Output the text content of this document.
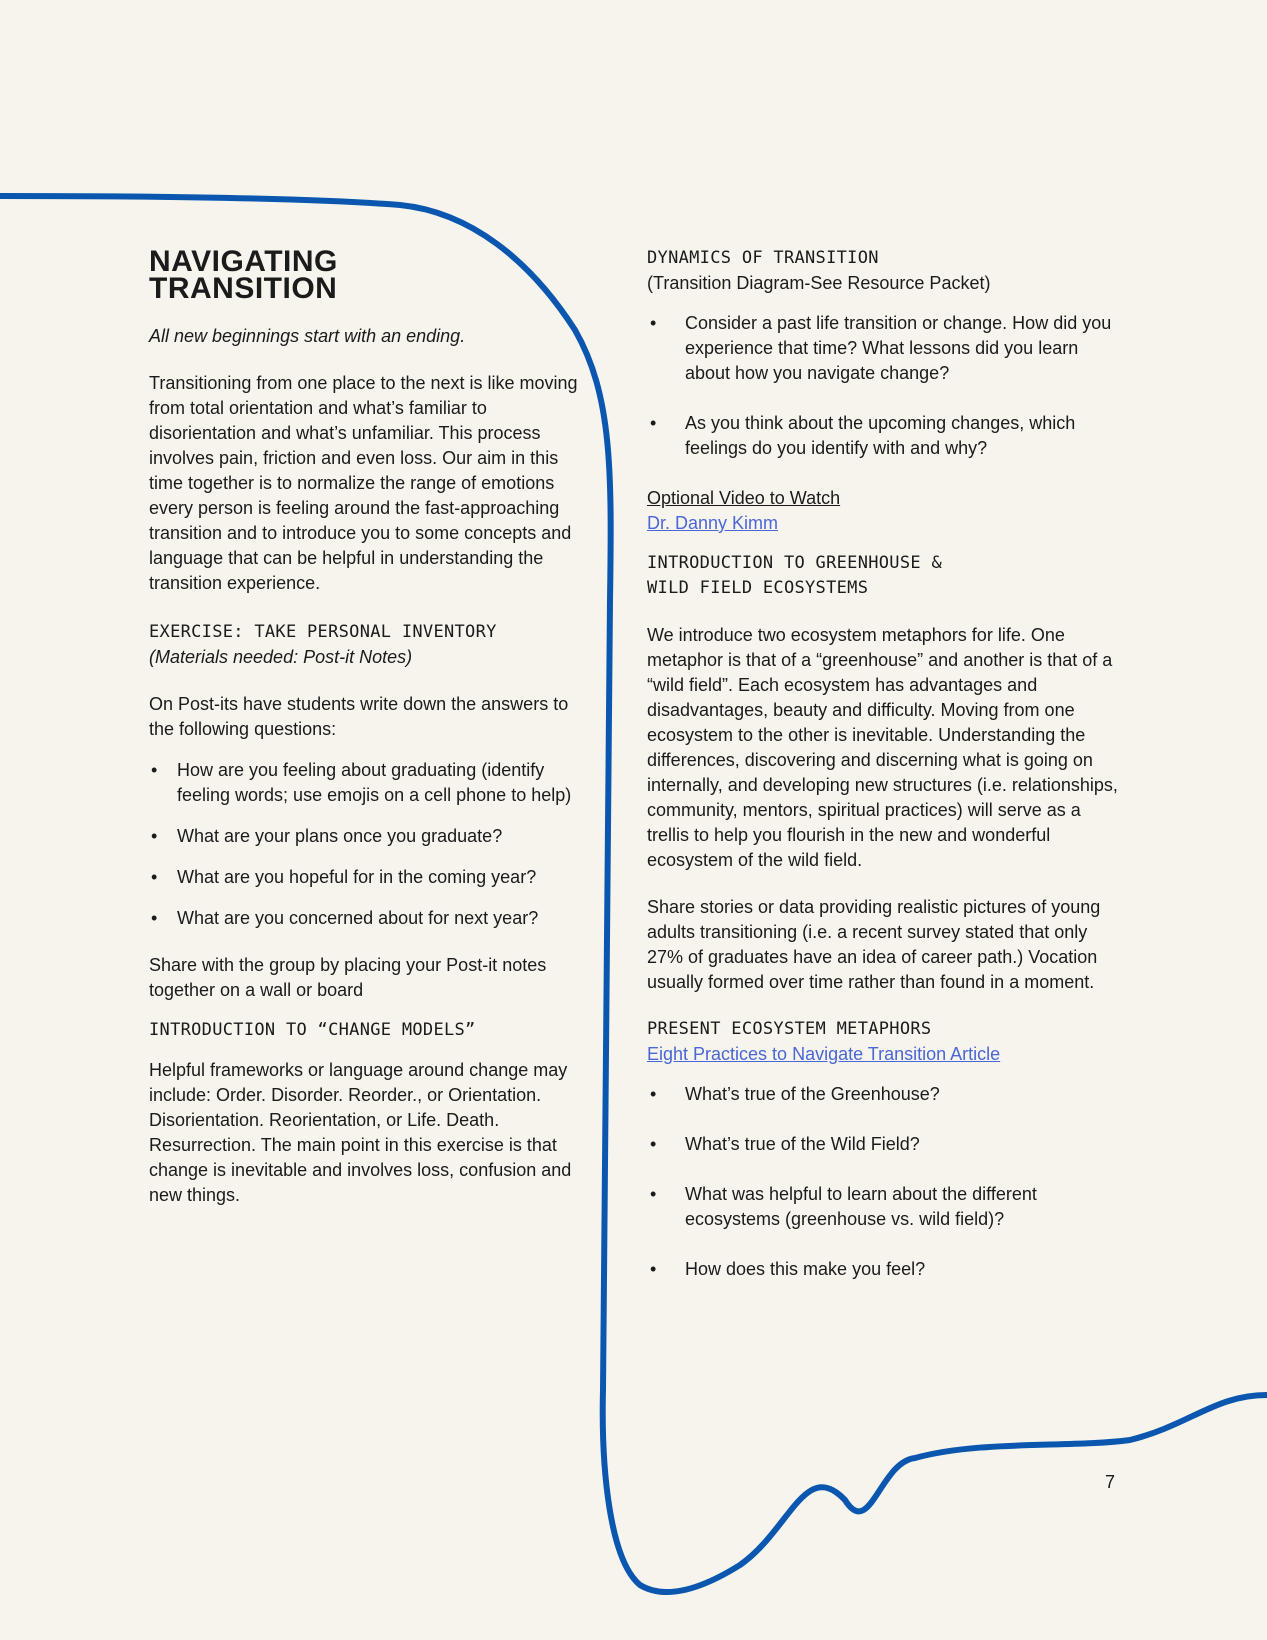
NAVIGATING
TRANSITION

All new beginnings start with an ending.

Transitioning from one place to the next is like moving from total orientation and what’s familiar to disorientation and what’s unfamiliar. This process involves pain, friction and even loss. Our aim in this time together is to normalize the range of emotions every person is feeling around the fast-approaching transition and to introduce you to some concepts and language that can be helpful in understanding the transition experience.

EXERCISE: TAKE PERSONAL INVENTORY

(Materials needed: Post-it Notes)

On Post-its have students write down the answers to the following questions:

• How are you feeling about graduating (identify feeling words; use emojis on a cell phone to help)
• What are your plans once you graduate?
• What are you hopeful for in the coming year?
• What are you concerned about for next year?

Share with the group by placing your Post-it notes together on a wall or board

INTRODUCTION TO “CHANGE MODELS”

Helpful frameworks or language around change may include: Order. Disorder. Reorder., or Orientation. Disorientation. Reorientation, or Life. Death. Resurrection. The main point in this exercise is that change is inevitable and involves loss, confusion and new things.

DYNAMICS OF TRANSITION

(Transition Diagram-See Resource Packet)

• Consider a past life transition or change. How did you experience that time? What lessons did you learn about how you navigate change?
• As you think about the upcoming changes, which feelings do you identify with and why?

Optional Video to Watch

Dr. Danny Kimm

INTRODUCTION TO GREENHOUSE &

WILD FIELD ECOSYSTEMS

We introduce two ecosystem metaphors for life. One metaphor is that of a “greenhouse” and another is that of a “wild field”. Each ecosystem has advantages and disadvantages, beauty and difficulty. Moving from one ecosystem to the other is inevitable. Understanding the differences, discovering and discerning what is going on internally, and developing new structures (i.e. relationships, community, mentors, spiritual practices) will serve as a trellis to help you flourish in the new and wonderful ecosystem of the wild field.

Share stories or data providing realistic pictures of young adults transitioning (i.e. a recent survey stated that only 27% of graduates have an idea of career path.) Vocation usually formed over time rather than found in a moment.

PRESENT ECOSYSTEM METAPHORS

Eight Practices to Navigate Transition Article

• What’s true of the Greenhouse?
• What’s true of the Wild Field?
• What was helpful to learn about the different ecosystems (greenhouse vs. wild field)?
• How does this make you feel?
7
